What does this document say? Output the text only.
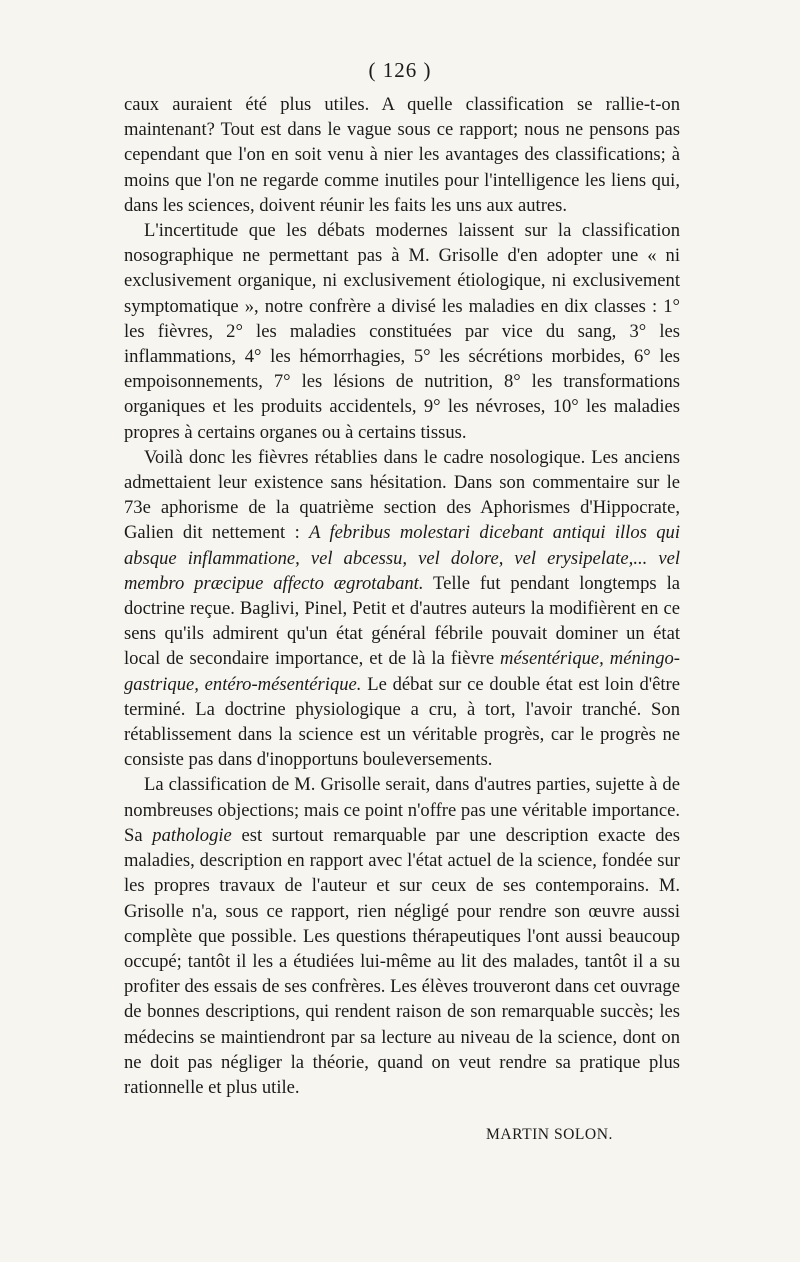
( 126 )

caux auraient été plus utiles. A quelle classification se rallie-t-on maintenant? Tout est dans le vague sous ce rapport; nous ne pensons pas cependant que l'on en soit venu à nier les avantages des classifications; à moins que l'on ne regarde comme inutiles pour l'intelligence les liens qui, dans les sciences, doivent réunir les faits les uns aux autres.

L'incertitude que les débats modernes laissent sur la classification nosographique ne permettant pas à M. Grisolle d'en adopter une « ni exclusivement organique, ni exclusivement étiologique, ni exclusivement symptomatique », notre confrère a divisé les maladies en dix classes : 1° les fièvres, 2° les maladies constituées par vice du sang, 3° les inflammations, 4° les hémorrhagies, 5° les sécrétions morbides, 6° les empoisonnements, 7° les lésions de nutrition, 8° les transformations organiques et les produits accidentels, 9° les névroses, 10° les maladies propres à certains organes ou à certains tissus.

Voilà donc les fièvres rétablies dans le cadre nosologique. Les anciens admettaient leur existence sans hésitation. Dans son commentaire sur le 73e aphorisme de la quatrième section des Aphorismes d'Hippocrate, Galien dit nettement : A febribus molestari dicebant antiqui illos qui absque inflammatione, vel abcessu, vel dolore, vel erysipelate,... vel membro præcipue affecto ægrotabant. Telle fut pendant longtemps la doctrine reçue. Baglivi, Pinel, Petit et d'autres auteurs la modifièrent en ce sens qu'ils admirent qu'un état général fébrile pouvait dominer un état local de secondaire importance, et de là la fièvre mésentérique, méningo-gastrique, entéro-mésentérique. Le débat sur ce double état est loin d'être terminé. La doctrine physiologique a cru, à tort, l'avoir tranché. Son rétablissement dans la science est un véritable progrès, car le progrès ne consiste pas dans d'inopportuns bouleversements.

La classification de M. Grisolle serait, dans d'autres parties, sujette à de nombreuses objections; mais ce point n'offre pas une véritable importance. Sa pathologie est surtout remarquable par une description exacte des maladies, description en rapport avec l'état actuel de la science, fondée sur les propres travaux de l'auteur et sur ceux de ses contemporains. M. Grisolle n'a, sous ce rapport, rien négligé pour rendre son œuvre aussi complète que possible. Les questions thérapeutiques l'ont aussi beaucoup occupé; tantôt il les a étudiées lui-même au lit des malades, tantôt il a su profiter des essais de ses confrères. Les élèves trouveront dans cet ouvrage de bonnes descriptions, qui rendent raison de son remarquable succès; les médecins se maintiendront par sa lecture au niveau de la science, dont on ne doit pas négliger la théorie, quand on veut rendre sa pratique plus rationnelle et plus utile.

MARTIN SOLON.
